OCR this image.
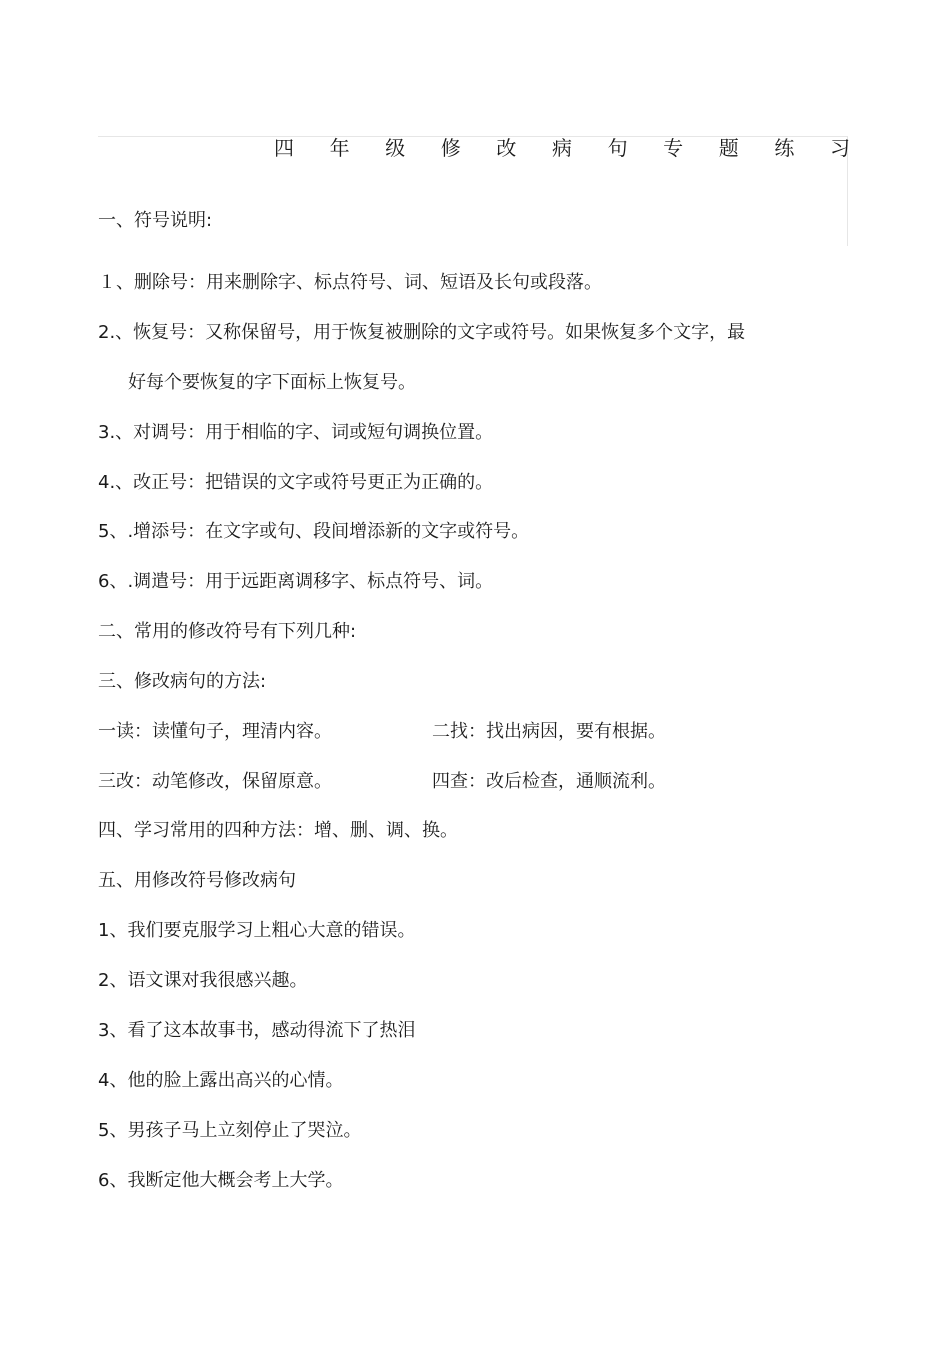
四 年 级 修 改 病 句 专 题 练 习
一、符号说明:
１、删除号：用来删除字、标点符号、词、短语及长句或段落。
2.、恢复号：又称保留号，用于恢复被删除的文字或符号。如果恢复多个文字，最
好每个要恢复的字下面标上恢复号。
3.、对调号：用于相临的字、词或短句调换位置。
4.、改正号：把错误的文字或符号更正为正确的。
5、.增添号：在文字或句、段间增添新的文字或符号。
6、.调遣号：用于远距离调移字、标点符号、词。
二、常用的修改符号有下列几种:
三、修改病句的方法:
一读：读懂句子，理清内容。	二找：找出病因，要有根据。
三改：动笔修改，保留原意。	四查：改后检查，通顺流利。
四、学习常用的四种方法：增、删、调、换。
五、用修改符号修改病句
1、我们要克服学习上粗心大意的错误。
2、语文课对我很感兴趣。
3、看了这本故事书，感动得流下了热泪
4、他的脸上露出高兴的心情。
5、男孩子马上立刻停止了哭泣。
6、我断定他大概会考上大学。
